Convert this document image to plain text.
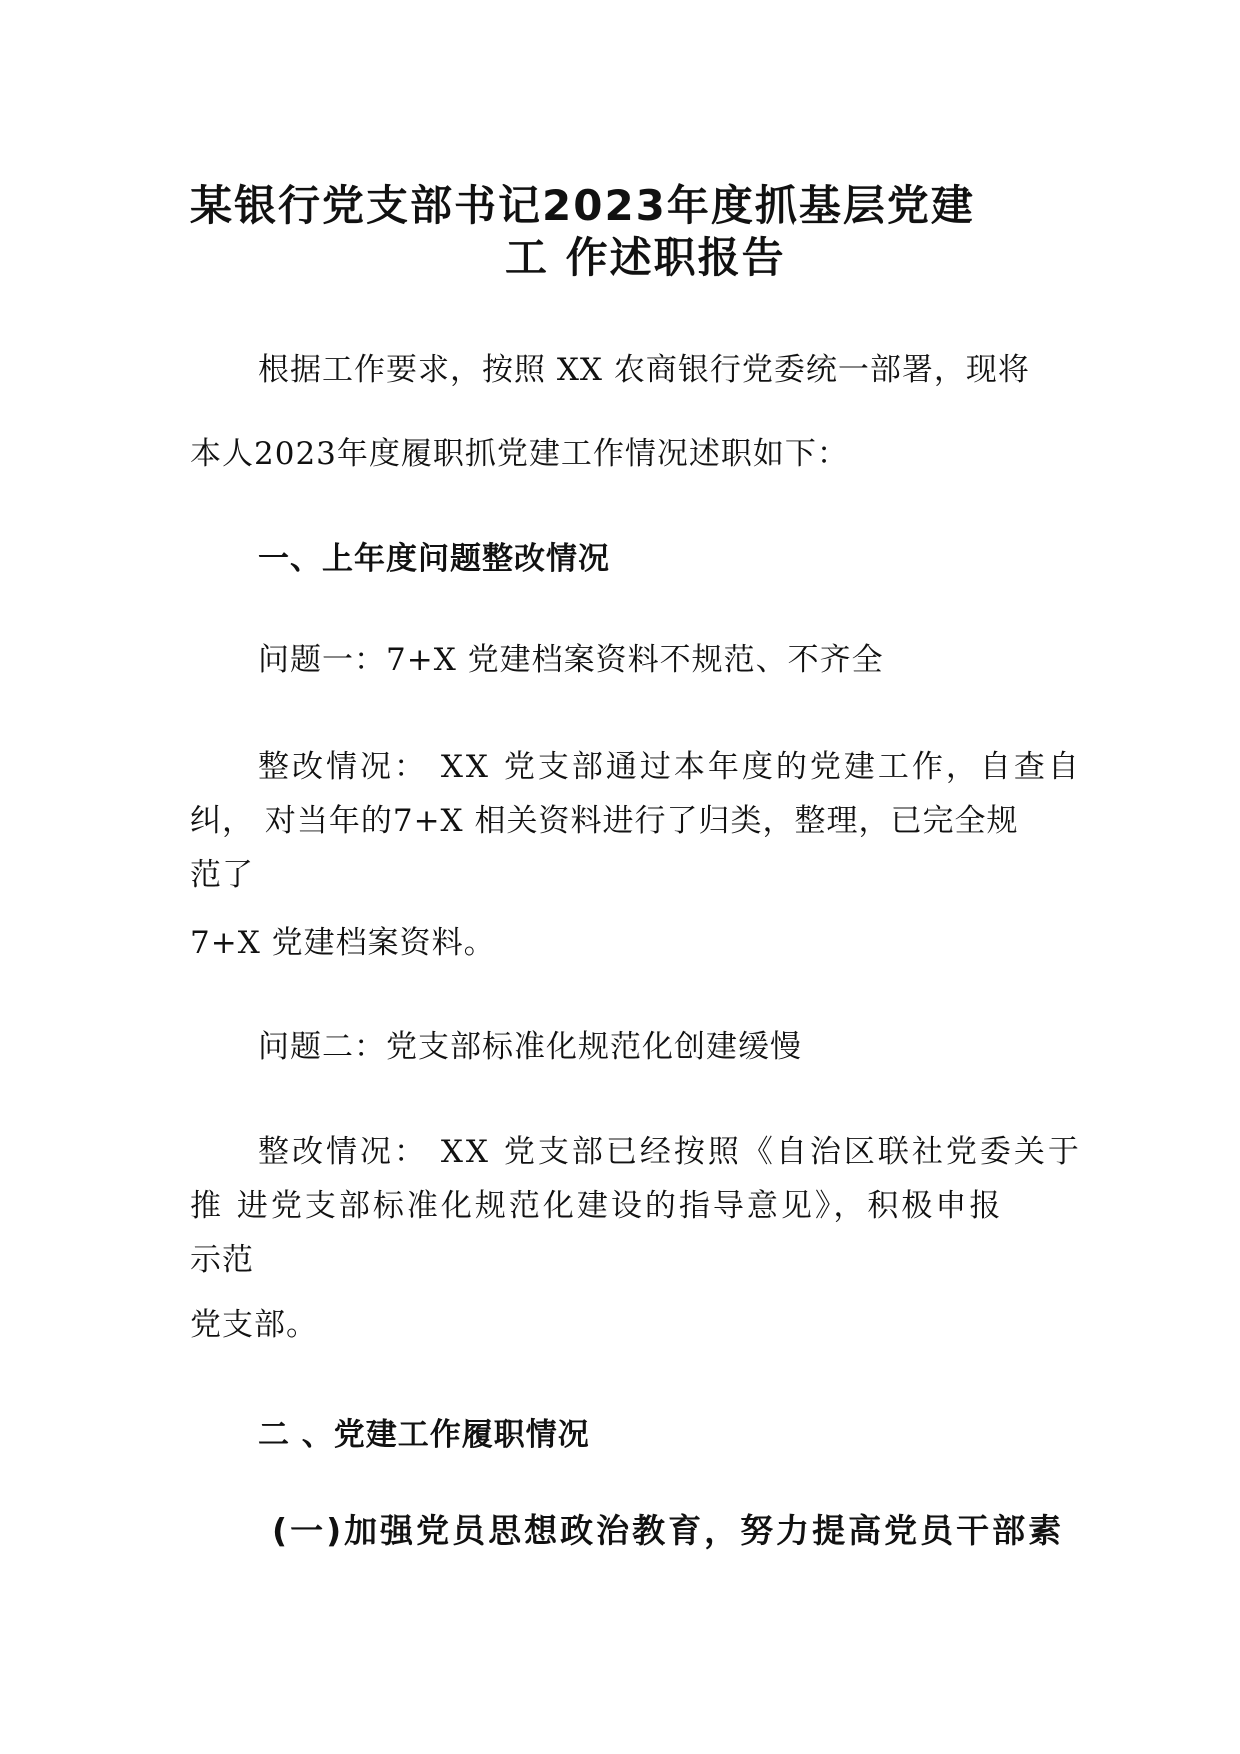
某银行党支部书记2023年度抓基层党建
工 作述职报告
根据工作要求，按照 XX 农商银行党委统一部署，现将
本人2023年度履职抓党建工作情况述职如下：
一、上年度问题整改情况
问题一：7+X 党建档案资料不规范、不齐全
整改情况： XX 党支部通过本年度的党建工作，自查自
纠， 对当年的7+X 相关资料进行了归类，整理，已完全规
范了
7+X 党建档案资料。
问题二：党支部标准化规范化创建缓慢
整改情况： XX 党支部已经按照《自治区联社党委关于
推 进党支部标准化规范化建设的指导意见》，积极申报
示范
党支部。
二 、党建工作履职情况
(一)加强党员思想政治教育，努力提高党员干部素
